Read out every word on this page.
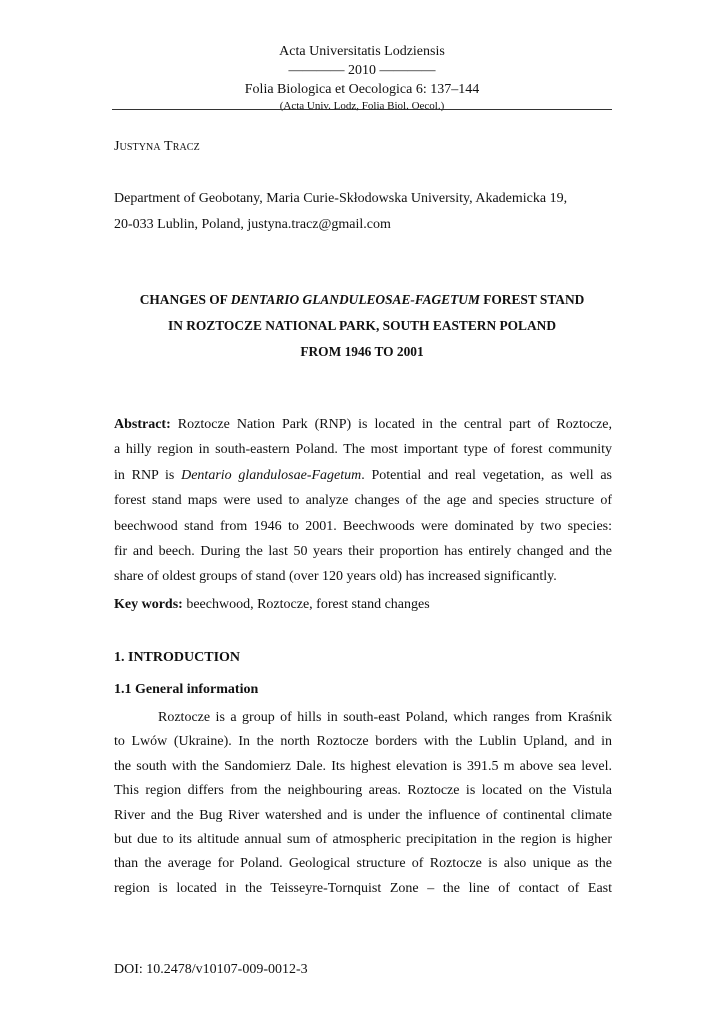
Acta Universitatis Lodziensis
———— 2010 ————
Folia Biologica et Oecologica 6: 137–144
(Acta Univ. Lodz, Folia Biol. Oecol.)
Justyna Tracz
Department of Geobotany, Maria Curie-Skłodowska University, Akademicka 19,
20-033 Lublin, Poland, justyna.tracz@gmail.com
CHANGES OF DENTARIO GLANDULEOSAE-FAGETUM FOREST STAND
IN ROZTOCZE NATIONAL PARK, SOUTH EASTERN POLAND
FROM 1946 TO 2001
Abstract: Roztocze Nation Park (RNP) is located in the central part of Roztocze,
a hilly region in south-eastern Poland. The most important type of forest community
in RNP is Dentario glandulosae-Fagetum. Potential and real vegetation, as well as
forest stand maps were used to analyze changes of the age and species structure of
beechwood stand from 1946 to 2001. Beechwoods were dominated by two species:
fir and beech. During the last 50 years their proportion has entirely changed and the
share of oldest groups of stand (over 120 years old) has increased significantly.
Key words: beechwood, Roztocze, forest stand changes
1. INTRODUCTION
1.1 General information
Roztocze is a group of hills in south-east Poland, which ranges from Kraśnik
to Lwów (Ukraine). In the north Roztocze borders with the Lublin Upland, and in
the south with the Sandomierz Dale. Its highest elevation is 391.5 m above sea level.
This region differs from the neighbouring areas. Roztocze is located on the Vistula
River and the Bug River watershed and is under the influence of continental climate
but due to its altitude annual sum of atmospheric precipitation in the region is higher
than the average for Poland. Geological structure of Roztocze is also unique as the
region is located in the Teisseyre-Tornquist Zone – the line of contact of East
DOI: 10.2478/v10107-009-0012-3
